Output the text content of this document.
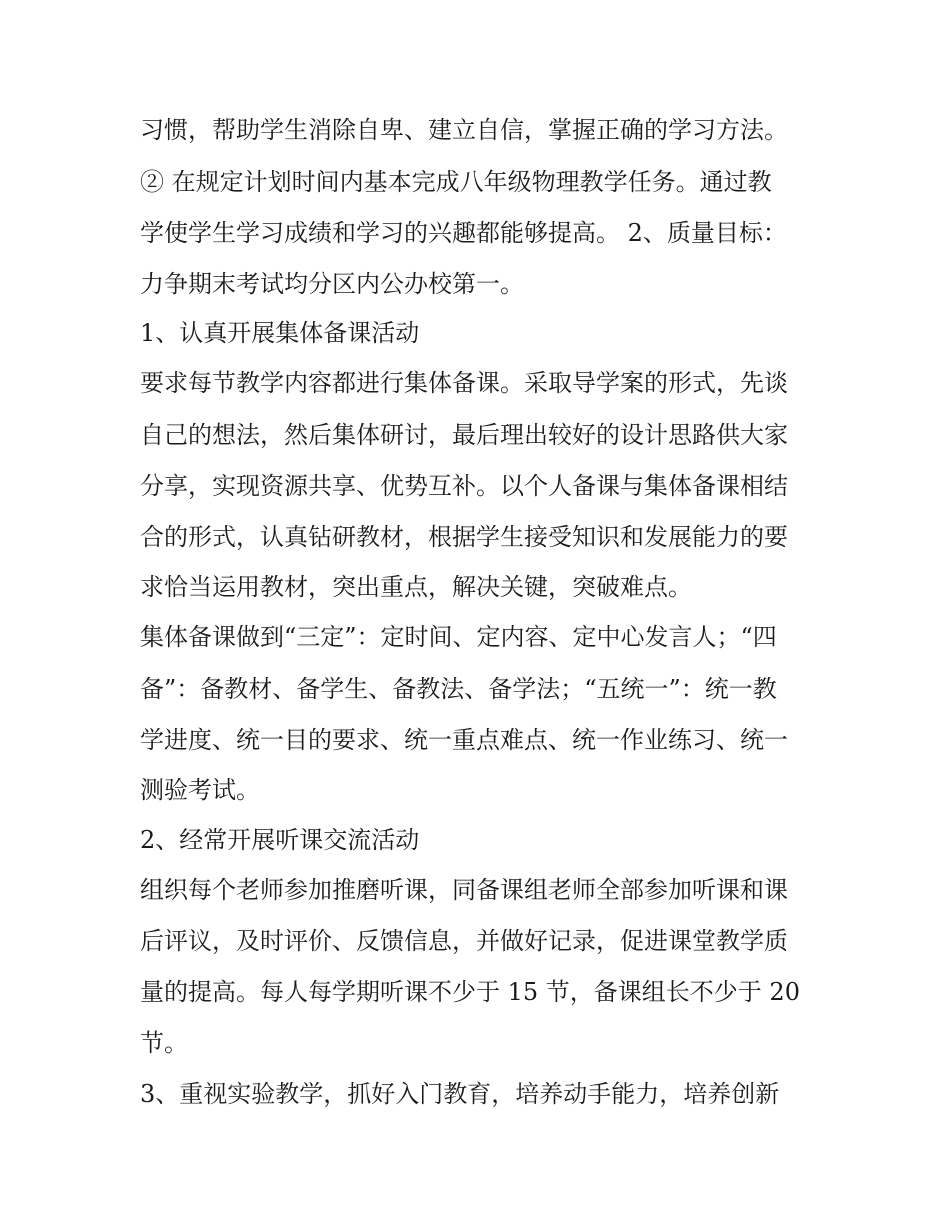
习惯，帮助学生消除自卑、建立自信，掌握正确的学习方法。
② 在规定计划时间内基本完成八年级物理教学任务。通过教
学使学生学习成绩和学习的兴趣都能够提高。 2、质量目标：
力争期末考试均分区内公办校第一。
1、认真开展集体备课活动
要求每节教学内容都进行集体备课。采取导学案的形式，先谈
自己的想法，然后集体研讨，最后理出较好的设计思路供大家
分享，实现资源共享、优势互补。以个人备课与集体备课相结
合的形式，认真钻研教材，根据学生接受知识和发展能力的要
求恰当运用教材，突出重点，解决关键，突破难点。
集体备课做到“三定”：定时间、定内容、定中心发言人；“四
备”：备教材、备学生、备教法、备学法；“五统一”：统一教
学进度、统一目的要求、统一重点难点、统一作业练习、统一
测验考试。
2、经常开展听课交流活动
组织每个老师参加推磨听课，同备课组老师全部参加听课和课
后评议，及时评价、反馈信息，并做好记录，促进课堂教学质
量的提高。每人每学期听课不少于 15 节，备课组长不少于 20
节。
3、重视实验教学，抓好入门教育，培养动手能力，培养创新
